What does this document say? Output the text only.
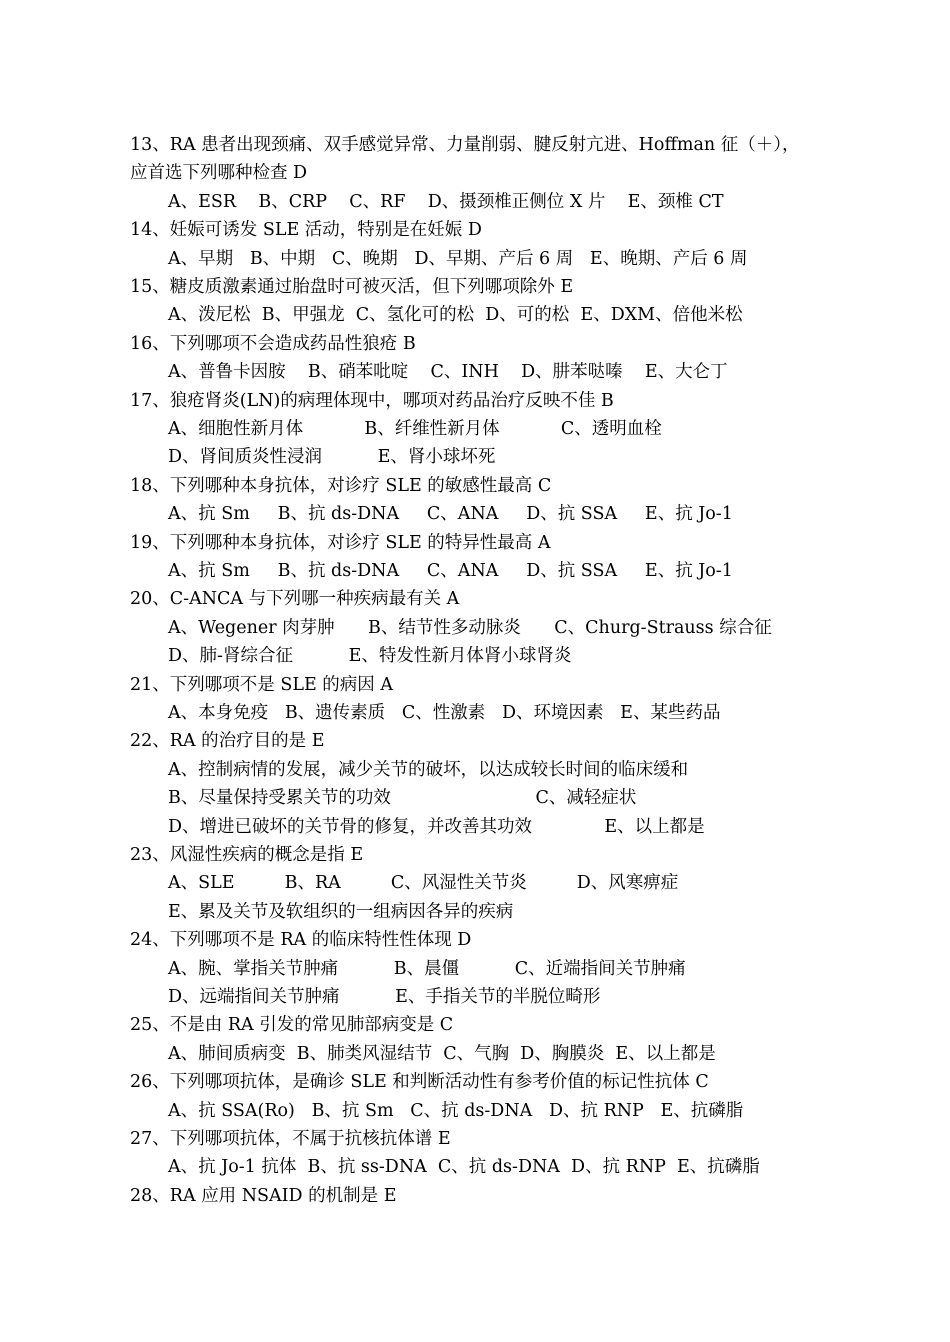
13、RA 患者出现颈痛、双手感觉异常、力量削弱、腱反射亢进、Hoffman 征（＋），
应首选下列哪种检查 D
A、ESR    B、CRP    C、RF    D、摄颈椎正侧位 X 片    E、颈椎 CT
14、妊娠可诱发 SLE 活动，特别是在妊娠 D
A、早期   B、中期   C、晚期   D、早期、产后 6 周   E、晚期、产后 6 周
15、糖皮质激素通过胎盘时可被灭活，但下列哪项除外 E
A、泼尼松  B、甲强龙  C、氢化可的松  D、可的松  E、DXM、倍他米松
16、下列哪项不会造成药品性狼疮 B
A、普鲁卡因胺    B、硝苯吡啶    C、INH    D、肼苯哒嗪    E、大仑丁
17、狼疮肾炎(LN)的病理体现中，哪项对药品治疗反映不佳 B
A、细胞性新月体           B、纤维性新月体           C、透明血栓
D、肾间质炎性浸润          E、肾小球坏死
18、下列哪种本身抗体，对诊疗 SLE 的敏感性最高 C
A、抗 Sm     B、抗 ds-DNA     C、ANA     D、抗 SSA     E、抗 Jo-1
19、下列哪种本身抗体，对诊疗 SLE 的特异性最高 A
A、抗 Sm     B、抗 ds-DNA     C、ANA     D、抗 SSA     E、抗 Jo-1
20、C-ANCA 与下列哪一种疾病最有关 A
A、Wegener 肉芽肿      B、结节性多动脉炎      C、Churg-Strauss 综合征
D、肺-肾综合征          E、特发性新月体肾小球肾炎
21、下列哪项不是 SLE 的病因 A
A、本身免疫   B、遗传素质   C、性激素   D、环境因素   E、某些药品
22、RA 的治疗目的是 E
A、控制病情的发展，减少关节的破坏，以达成较长时间的临床缓和
B、尽量保持受累关节的功效                          C、减轻症状
D、增进已破坏的关节骨的修复，并改善其功效             E、以上都是
23、风湿性疾病的概念是指 E
A、SLE         B、RA         C、风湿性关节炎         D、风寒痹症
E、累及关节及软组织的一组病因各异的疾病
24、下列哪项不是 RA 的临床特性性体现 D
A、腕、掌指关节肿痛          B、晨僵          C、近端指间关节肿痛
D、远端指间关节肿痛          E、手指关节的半脱位畸形
25、不是由 RA 引发的常见肺部病变是 C
A、肺间质病变  B、肺类风湿结节  C、气胸  D、胸膜炎  E、以上都是
26、下列哪项抗体，是确诊 SLE 和判断活动性有参考价值的标记性抗体 C
A、抗 SSA(Ro)   B、抗 Sm   C、抗 ds-DNA   D、抗 RNP   E、抗磷脂
27、下列哪项抗体，不属于抗核抗体谱 E
A、抗 Jo-1 抗体  B、抗 ss-DNA  C、抗 ds-DNA  D、抗 RNP  E、抗磷脂
28、RA 应用 NSAID 的机制是 E
